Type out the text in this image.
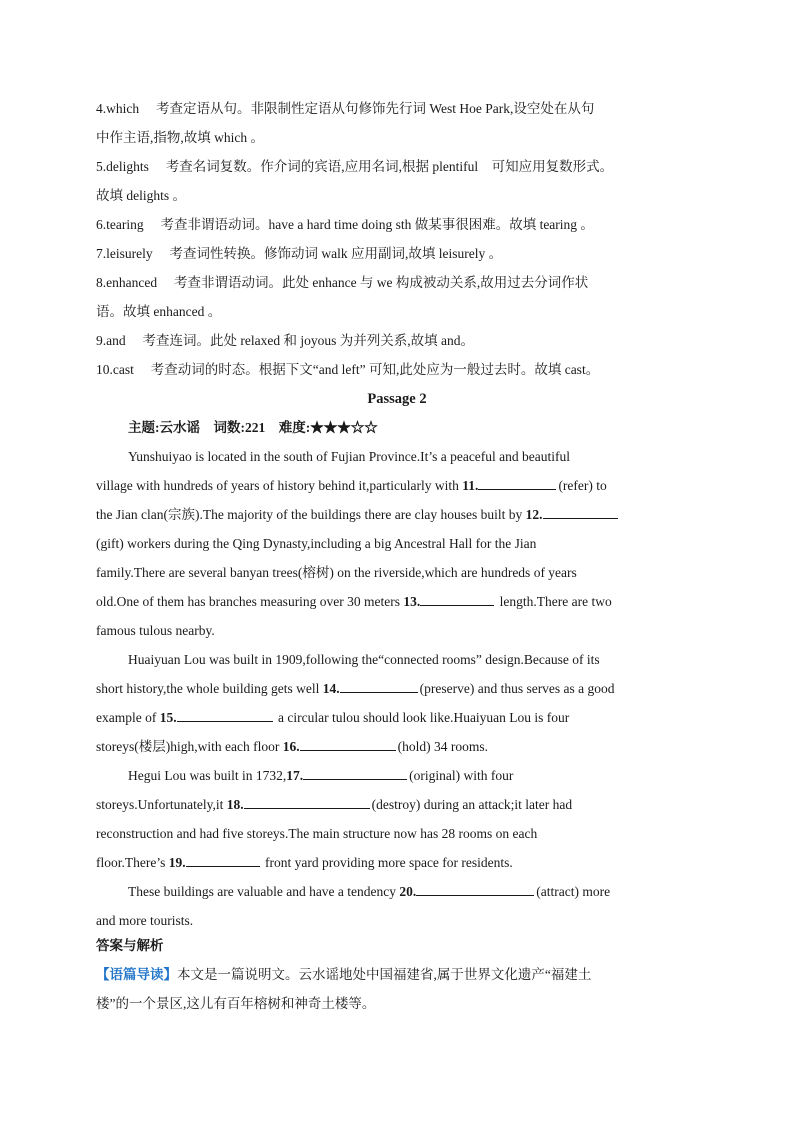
4.which　 考查定语从句。非限制性定语从句修饰先行词 West Hoe Park,设空处在从句
中作主语,指物,故填 which 。
5.delights　 考查名词复数。作介词的宾语,应用名词,根据 plentiful　可知应用复数形式。
故填 delights 。
6.tearing　 考查非谓语动词。have a hard time doing sth 做某事很困难。故填 tearing 。
7.leisurely　 考查词性转换。修饰动词 walk 应用副词,故填 leisurely 。
8.enhanced　 考查非谓语动词。此处 enhance 与 we 构成被动关系,故用过去分词作状
语。故填 enhanced 。
9.and　 考查连词。此处 relaxed 和 joyous 为并列关系,故填 and。
10.cast　 考查动词的时态。根据下文“and left” 可知,此处应为一般过去时。故填 cast。
Passage 2
主题:云水谣　词数:221　难度:★★★☆☆
Yunshuiyao is located in the south of Fujian Province.It’s a peaceful and beautiful
village with hundreds of years of history behind it,particularly with 11.	(refer) to
the Jian clan(宗族).The majority of the buildings there are clay houses built by 12.
(gift) workers during the Qing Dynasty,including a big Ancestral Hall for the Jian
family.There are several banyan trees(榕树) on the riverside,which are hundreds of years
old.One of them has branches measuring over 30 meters 13.	length.There are two
famous tulous nearby.
Huaiyuan Lou was built in 1909,following the“connected rooms” design.Because of its
short history,the whole building gets well 14.	(preserve) and thus serves as a good
example of 15.	a circular tulou should look like.Huaiyuan Lou is four
storeys(楼层)high,with each floor 16.	(hold) 34 rooms.
Hegui Lou was built in 1732,17.	(original) with four
storeys.Unfortunately,it 18.	(destroy) during an attack;it later had
reconstruction and had five storeys.The main structure now has 28 rooms on each
floor.There’s 19.	front yard providing more space for residents.
These buildings are valuable and have a tendency 20.	(attract) more
and more tourists.
答案与解析
【语篇导读】本文是一篇说明文。云水谣地处中国福建省,属于世界文化遗产“福建土
楼”的一个景区,这儿有百年榕树和神奇土楼等。
